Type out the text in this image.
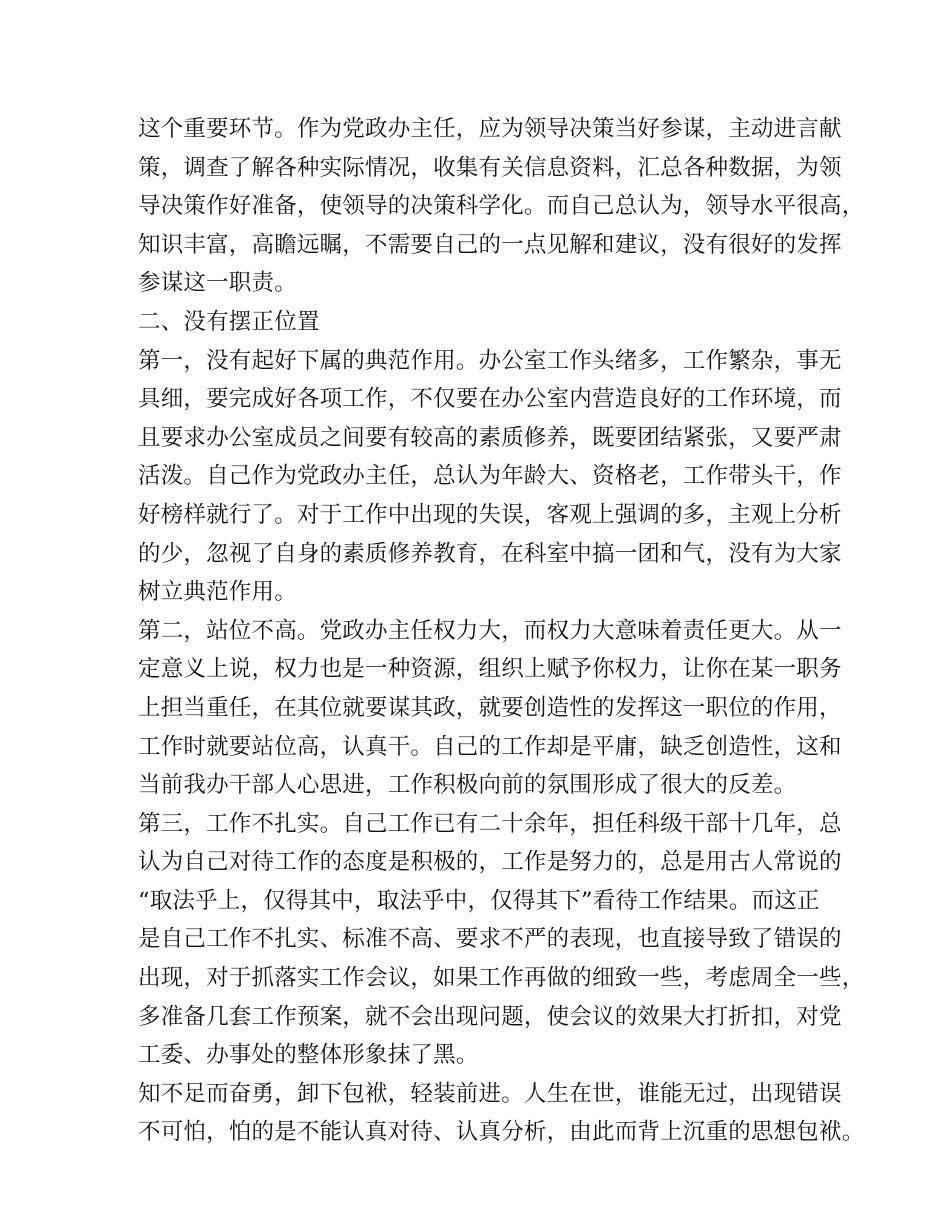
这个重要环节。作为党政办主任，应为领导决策当好参谋，主动进言献
策，调查了解各种实际情况，收集有关信息资料，汇总各种数据，为领
导决策作好准备，使领导的决策科学化。而自己总认为，领导水平很高，
知识丰富，高瞻远瞩，不需要自己的一点见解和建议，没有很好的发挥
参谋这一职责。
二、没有摆正位置
第一，没有起好下属的典范作用。办公室工作头绪多，工作繁杂，事无
具细，要完成好各项工作，不仅要在办公室内营造良好的工作环境，而
且要求办公室成员之间要有较高的素质修养，既要团结紧张，又要严肃
活泼。自己作为党政办主任，总认为年龄大、资格老，工作带头干，作
好榜样就行了。对于工作中出现的失误，客观上强调的多，主观上分析
的少，忽视了自身的素质修养教育，在科室中搞一团和气，没有为大家
树立典范作用。
第二，站位不高。党政办主任权力大，而权力大意味着责任更大。从一
定意义上说，权力也是一种资源，组织上赋予你权力，让你在某一职务
上担当重任，在其位就要谋其政，就要创造性的发挥这一职位的作用，
工作时就要站位高，认真干。自己的工作却是平庸，缺乏创造性，这和
当前我办干部人心思进，工作积极向前的氛围形成了很大的反差。
第三，工作不扎实。自己工作已有二十余年，担任科级干部十几年，总
认为自己对待工作的态度是积极的，工作是努力的，总是用古人常说的
“取法乎上，仅得其中，取法乎中，仅得其下”看待工作结果。而这正
是自己工作不扎实、标准不高、要求不严的表现，也直接导致了错误的
出现，对于抓落实工作会议，如果工作再做的细致一些，考虑周全一些，
多准备几套工作预案，就不会出现问题，使会议的效果大打折扣，对党
工委、办事处的整体形象抹了黑。
知不足而奋勇，卸下包袱，轻装前进。人生在世，谁能无过，出现错误
不可怕，怕的是不能认真对待、认真分析，由此而背上沉重的思想包袱。
